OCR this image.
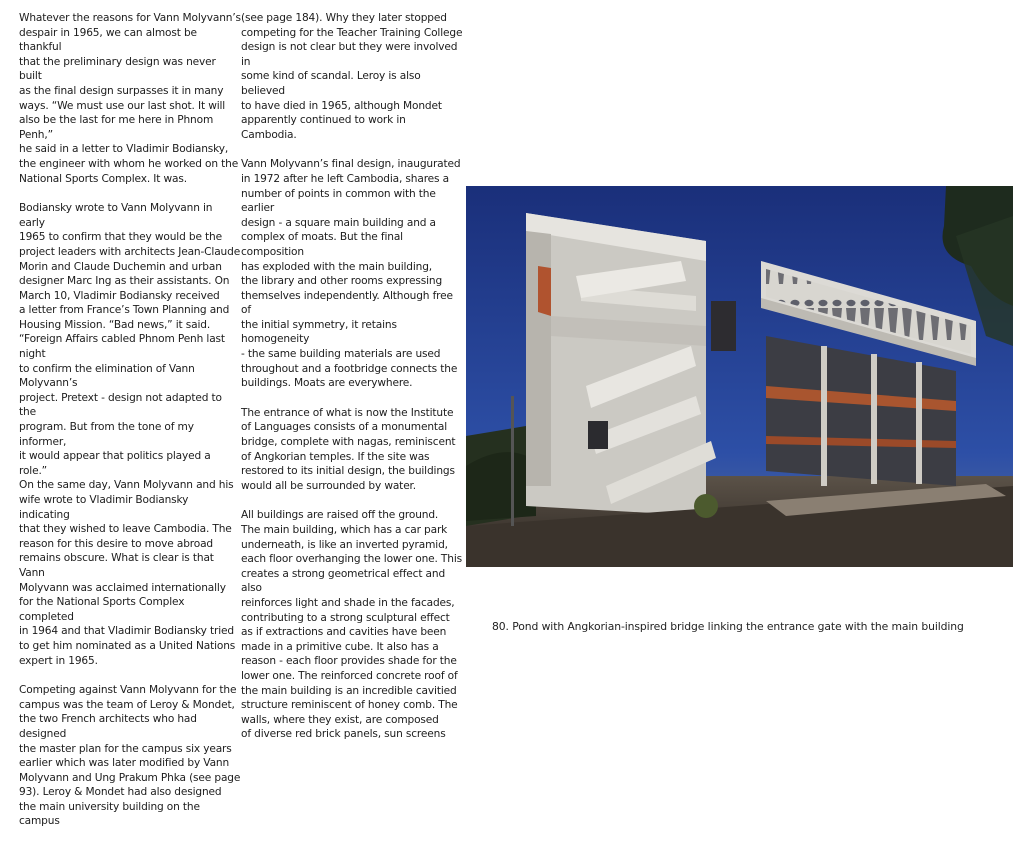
Whatever the reasons for Vann Molyvann’s
despair in 1965, we can almost be thankful
that the preliminary design was never built
as the final design surpasses it in many
ways. “We must use our last shot. It will
also be the last for me here in Phnom Penh,”
he said in a letter to Vladimir Bodiansky,
the engineer with whom he worked on the
National Sports Complex. It was.

Bodiansky wrote to Vann Molyvann in early
1965 to confirm that they would be the
project leaders with architects Jean-Claude
Morin and Claude Duchemin and urban
designer Marc Ing as their assistants. On
March 10, Vladimir Bodiansky received
a letter from France’s Town Planning and
Housing Mission. “Bad news,” it said.
“Foreign Affairs cabled Phnom Penh last night
to confirm the elimination of Vann Molyvann’s
project. Pretext - design not adapted to the
program. But from the tone of my informer,
it would appear that politics played a role.”
On the same day, Vann Molyvann and his
wife wrote to Vladimir Bodiansky indicating
that they wished to leave Cambodia. The
reason for this desire to move abroad
remains obscure. What is clear is that Vann
Molyvann was acclaimed internationally
for the National Sports Complex completed
in 1964 and that Vladimir Bodiansky tried
to get him nominated as a United Nations
expert in 1965.

Competing against Vann Molyvann for the
campus was the team of Leroy & Mondet,
the two French architects who had designed
the master plan for the campus six years
earlier which was later modified by Vann
Molyvann and Ung Prakum Phka (see page
93). Leroy & Mondet had also designed
the main university building on the campus

(see page 184). Why they later stopped
competing for the Teacher Training College
design is not clear but they were involved in
some kind of scandal. Leroy is also believed
to have died in 1965, although Mondet
apparently continued to work in Cambodia.

Vann Molyvann’s final design, inaugurated
in 1972 after he left Cambodia, shares a
number of points in common with the earlier
design - a square main building and a
complex of moats. But the final composition
has exploded with the main building,
the library and other rooms expressing
themselves independently. Although free of
the initial symmetry, it retains homogeneity
- the same building materials are used
throughout and a footbridge connects the
buildings. Moats are everywhere.

The entrance of what is now the Institute
of Languages consists of a monumental
bridge, complete with nagas, reminiscent
of Angkorian temples. If the site was
restored to its initial design, the buildings
would all be surrounded by water.

All buildings are raised off the ground.
The main building, which has a car park
underneath, is like an inverted pyramid,
each floor overhanging the lower one. This
creates a strong geometrical effect and also
reinforces light and shade in the facades,
contributing to a strong sculptural effect
as if extractions and cavities have been
made in a primitive cube. It also has a
reason - each floor provides shade for the
lower one. The reinforced concrete roof of
the main building is an incredible cavitied
structure reminiscent of honey comb. The
walls, where they exist, are composed
of diverse red brick panels, sun screens

80. Pond with Angkorian-inspired bridge linking the entrance gate with the main building
